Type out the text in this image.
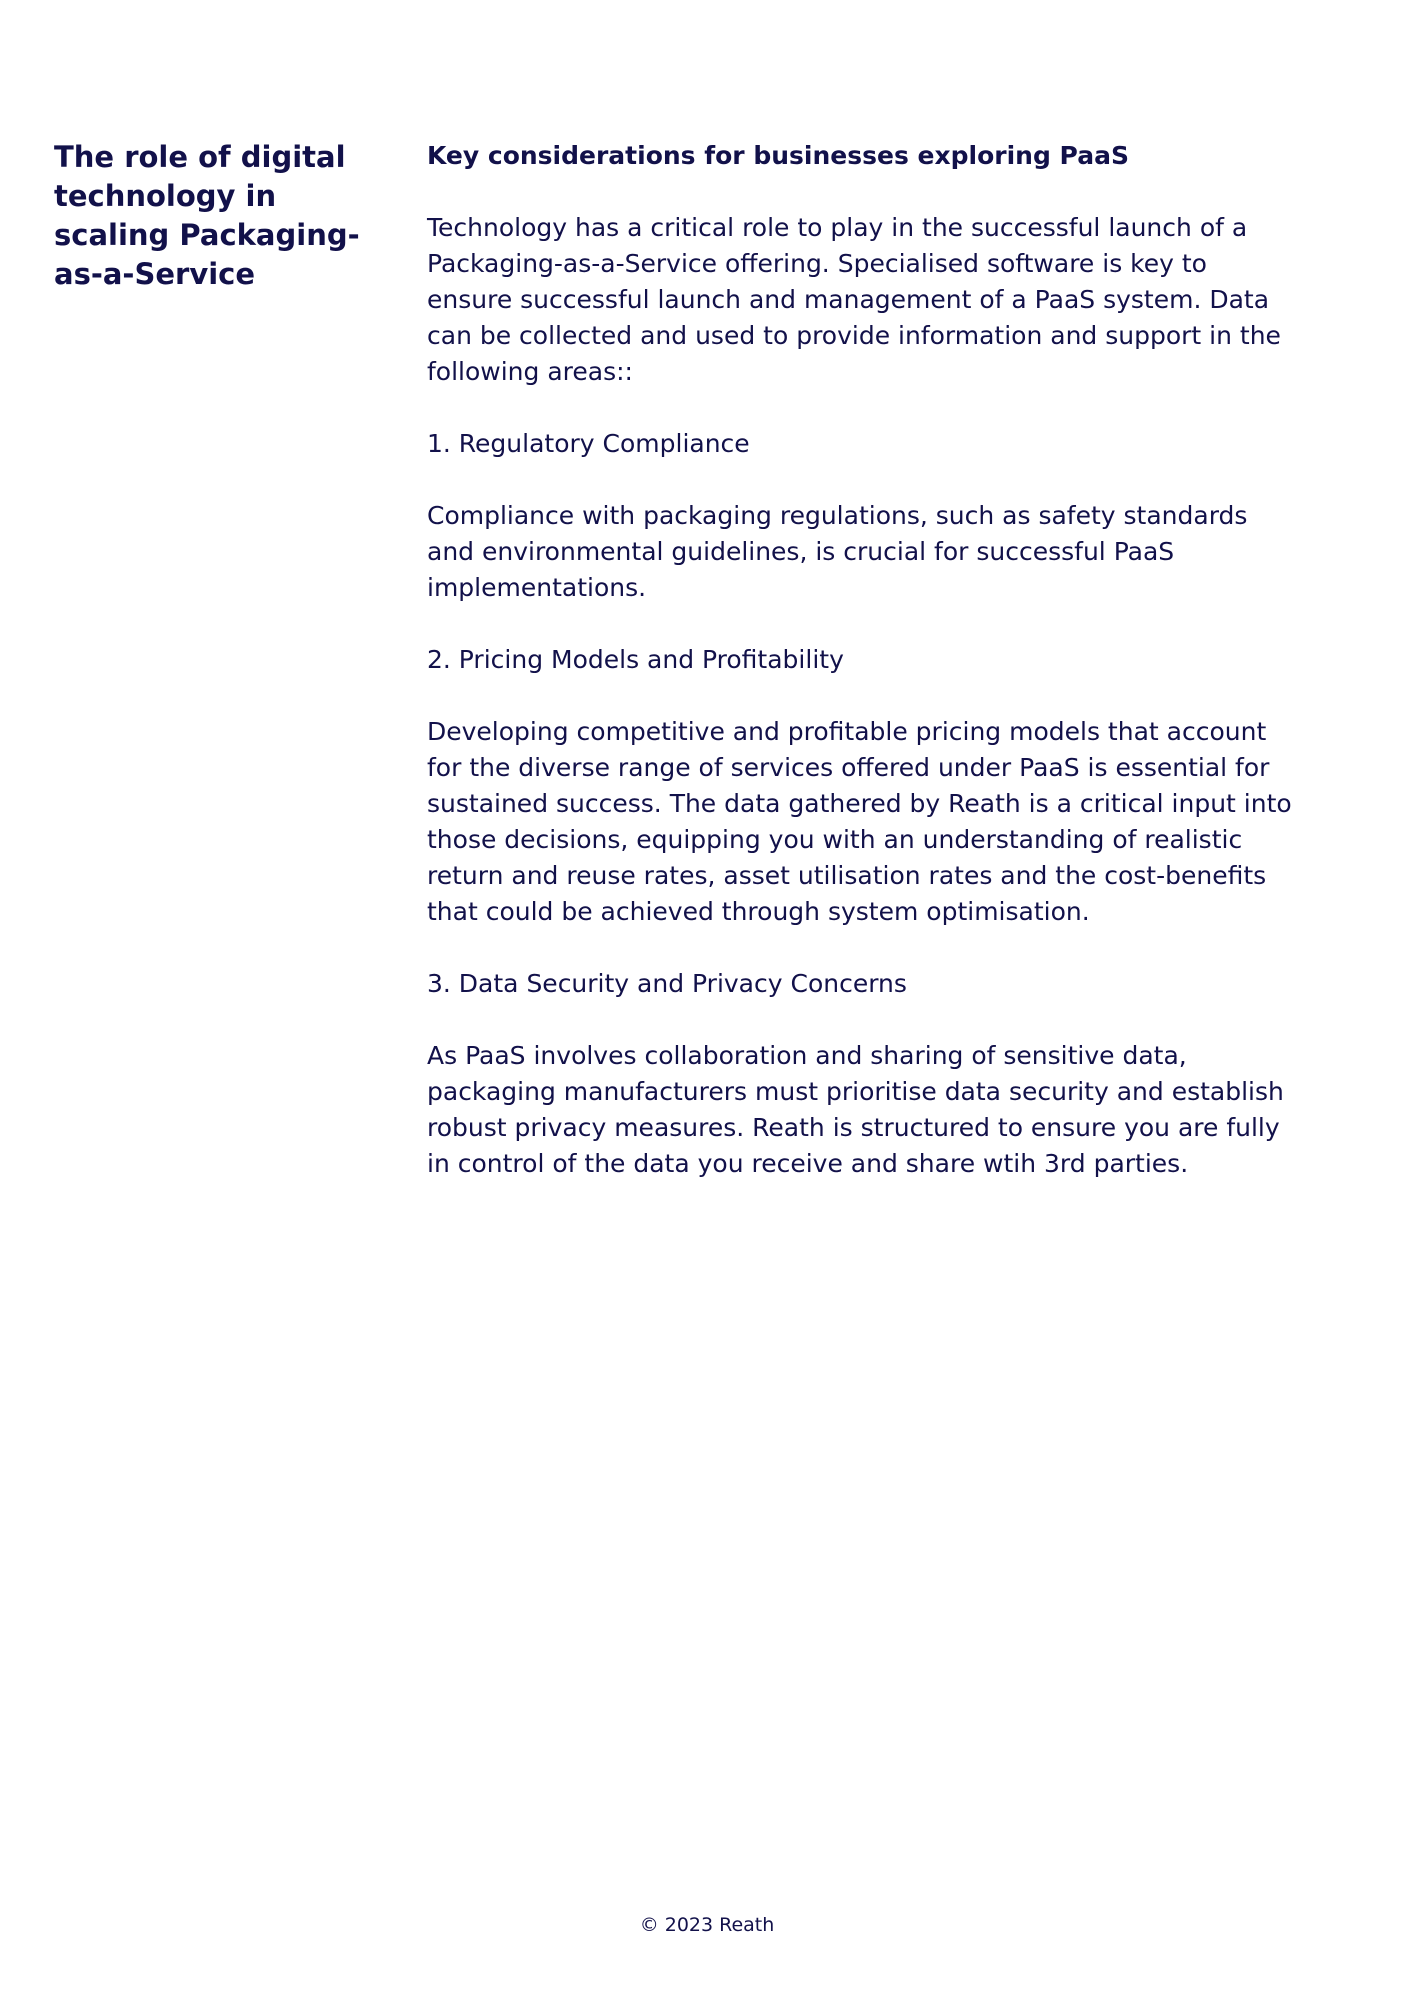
The role of digital technology in scaling Packaging-as-a-Service
Key considerations for businesses exploring PaaS

Technology has a critical role to play in the successful launch of a Packaging-as-a-Service offering. Specialised software is key to ensure successful launch and management of a PaaS system. Data can be collected and used to provide information and support in the following areas::

1. Regulatory Compliance

Compliance with packaging regulations, such as safety standards and environmental guidelines, is crucial for successful PaaS implementations.

2. Pricing Models and Profitability

Developing competitive and profitable pricing models that account for the diverse range of services offered under PaaS is essential for sustained success. The data gathered by Reath is a critical input into those decisions, equipping you with an understanding of realistic return and reuse rates, asset utilisation rates and the cost-benefits that could be achieved through system optimisation.

3. Data Security and Privacy Concerns

As PaaS involves collaboration and sharing of sensitive data, packaging manufacturers must prioritise data security and establish robust privacy measures. Reath is structured to ensure you are fully in control of the data you receive and share wtih 3rd parties.

© 2023 Reath
